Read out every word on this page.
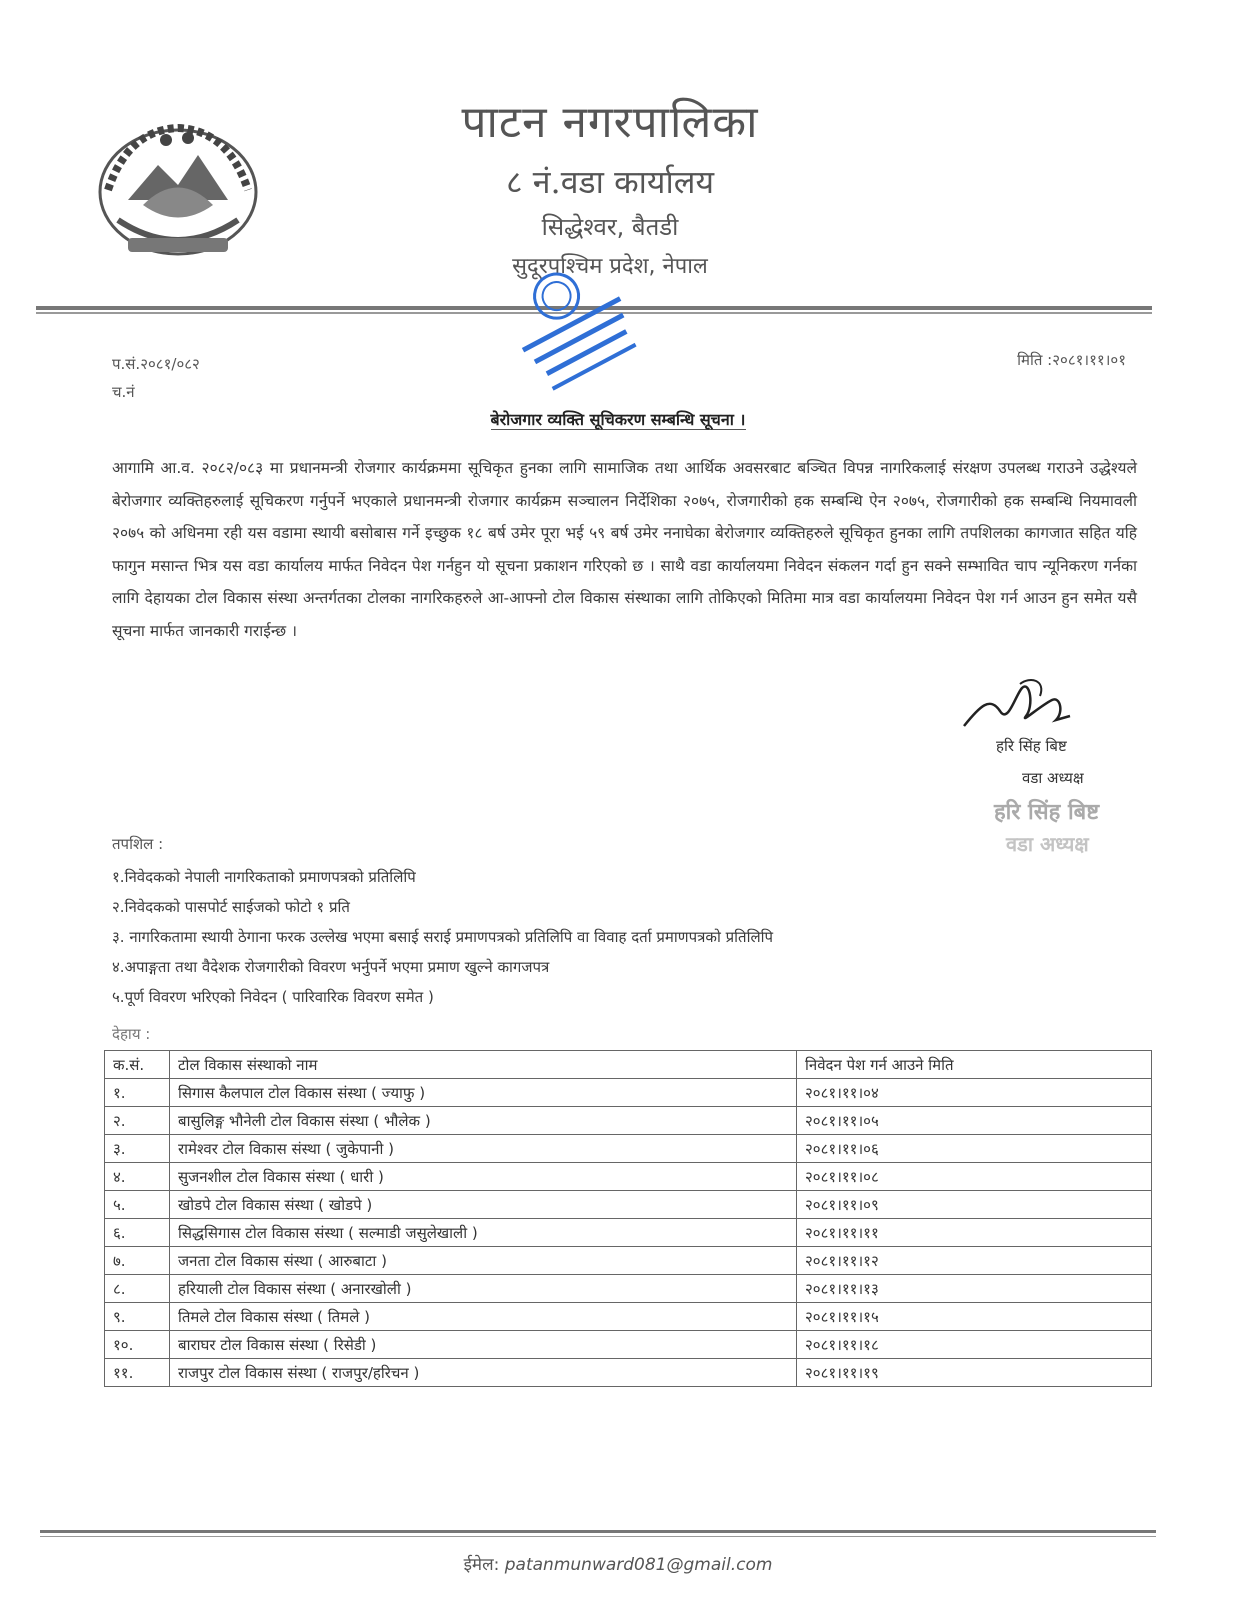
पाटन नगरपालिका
८ नं.वडा कार्यालय
सिद्धेश्वर, बैतडी
सुदूरपश्चिम प्रदेश, नेपाल
प.सं.२०८१/०८२
च.नं
मिति :२०८१।११।०१
बेरोजगार व्यक्ति सूचिकरण सम्बन्धि सूचना ।
आगामि आ.व. २०८२/०८३ मा प्रधानमन्त्री रोजगार कार्यक्रममा सूचिकृत हुनका लागि सामाजिक तथा आर्थिक अवसरबाट बञ्चित विपन्न नागरिकलाई संरक्षण उपलब्ध गराउने उद्धेश्यले बेरोजगार व्यक्तिहरुलाई सूचिकरण गर्नुपर्ने भएकाले प्रधानमन्त्री रोजगार कार्यक्रम सञ्चालन निर्देशिका २०७५, रोजगारीको हक सम्बन्धि ऐन २०७५, रोजगारीको हक सम्बन्धि नियमावली २०७५ को अधिनमा रही यस वडामा स्थायी बसोबास गर्ने इच्छुक १८ बर्ष उमेर पूरा भई ५९ बर्ष उमेर ननाघेका बेरोजगार व्यक्तिहरुले सूचिकृत हुनका लागि तपशिलका कागजात सहित यहि फागुन मसान्त भित्र यस वडा कार्यालय मार्फत निवेदन पेश गर्नहुन यो सूचना प्रकाशन गरिएको छ । साथै वडा कार्यालयमा निवेदन संकलन गर्दा हुन सक्ने सम्भावित चाप न्यूनिकरण गर्नका लागि देहायका टोल विकास संस्था अन्तर्गतका टोलका नागरिकहरुले आ-आफ्नो टोल विकास संस्थाका लागि तोकिएको मितिमा मात्र वडा कार्यालयमा निवेदन पेश गर्न आउन हुन समेत यसै सूचना मार्फत जानकारी गराईन्छ ।
हरि सिंह बिष्ट
वडा अध्यक्ष
हरि सिंह बिष्ट
वडा अध्यक्ष
तपशिल :
१.निवेदकको नेपाली नागरिकताको प्रमाणपत्रको प्रतिलिपि
२.निवेदकको पासपोर्ट साईजको फोटो १ प्रति
३. नागरिकतामा स्थायी ठेगाना फरक उल्लेख भएमा बसाई सराई प्रमाणपत्रको प्रतिलिपि वा विवाह दर्ता प्रमाणपत्रको प्रतिलिपि
४.अपाङ्गता तथा वैदेशक रोजगारीको विवरण भर्नुपर्ने भएमा प्रमाण खुल्ने कागजपत्र
५.पूर्ण विवरण भरिएको निवेदन ( पारिवारिक विवरण समेत )
देहाय :
क.सं.	टोल विकास संस्थाको नाम	निवेदन पेश गर्न आउने मिति
१.	सिगास कैलपाल टोल विकास संस्था ( ज्याफु )	२०८१।११।०४
२.	बासुलिङ्ग भौनेली टोल विकास संस्था ( भौलेक )	२०८१।११।०५
३.	रामेश्वर टोल विकास संस्था ( जुकेपानी )	२०८१।११।०६
४.	सुजनशील टोल विकास संस्था ( धारी )	२०८१।११।०८
५.	खोडपे टोल विकास संस्था ( खोडपे )	२०८१।११।०९
६.	सिद्धसिगास टोल विकास संस्था ( सल्माडी जसुलेखाली )	२०८१।११।११
७.	जनता टोल विकास संस्था ( आरुबाटा )	२०८१।११।१२
८.	हरियाली टोल विकास संस्था ( अनारखोली )	२०८१।११।१३
९.	तिमले टोल विकास संस्था ( तिमले )	२०८१।११।१५
१०.	बाराघर टोल विकास संस्था ( रिसेडी )	२०८१।११।१८
११.	राजपुर टोल विकास संस्था ( राजपुर/हरिचन )	२०८१।११।१९
ईमेल: patanmunward081@gmail.com
